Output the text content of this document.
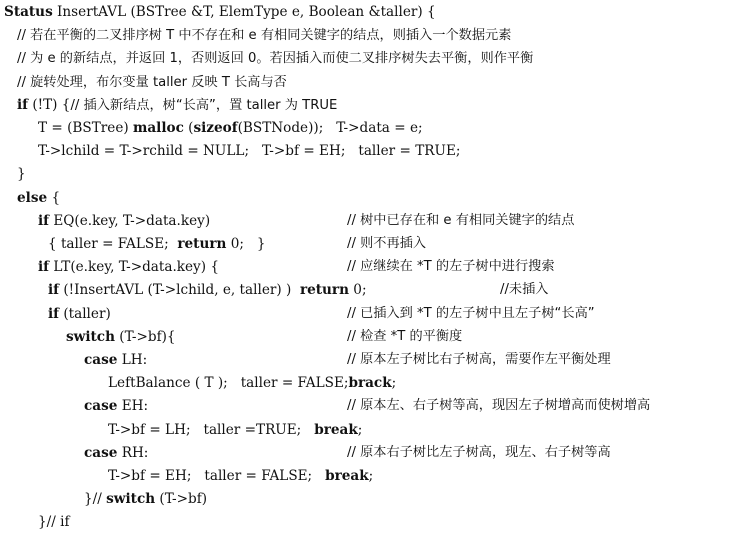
Status InsertAVL (BSTree &T, ElemType e, Boolean &taller) {
// 若在平衡的二叉排序树 T 中不存在和 e 有相同关键字的结点，则插入一个数据元素
// 为 e 的新结点，并返回 1，否则返回 0。若因插入而使二叉排序树失去平衡，则作平衡
// 旋转处理，布尔变量 taller 反映 T 长高与否
if (!T) {// 插入新结点，树“长高”，置 taller 为 TRUE
T = (BSTree) malloc (sizeof(BSTNode));   T->data = e;
T->lchild = T->rchild = NULL;   T->bf = EH;   taller = TRUE;
}
else {
if EQ(e.key, T->data.key)	// 树中已存在和 e 有相同关键字的结点
{ taller = FALSE;  return 0;   }	// 则不再插入
if LT(e.key, T->data.key) {	// 应继续在 *T 的左子树中进行搜索
if (!InsertAVL (T->lchild, e, taller) )  return 0;	//未插入
if (taller)	// 已插入到 *T 的左子树中且左子树“长高”
switch (T->bf){	// 检查 *T 的平衡度
case LH:	// 原本左子树比右子树高，需要作左平衡处理
LeftBalance ( T );   taller = FALSE;brack;
case EH:	// 原本左、右子树等高，现因左子树增高而使树增高
T->bf = LH;   taller =TRUE;   break;
case RH:	// 原本右子树比左子树高，现左、右子树等高
T->bf = EH;   taller = FALSE;   break;
}// switch (T->bf)
}// if
